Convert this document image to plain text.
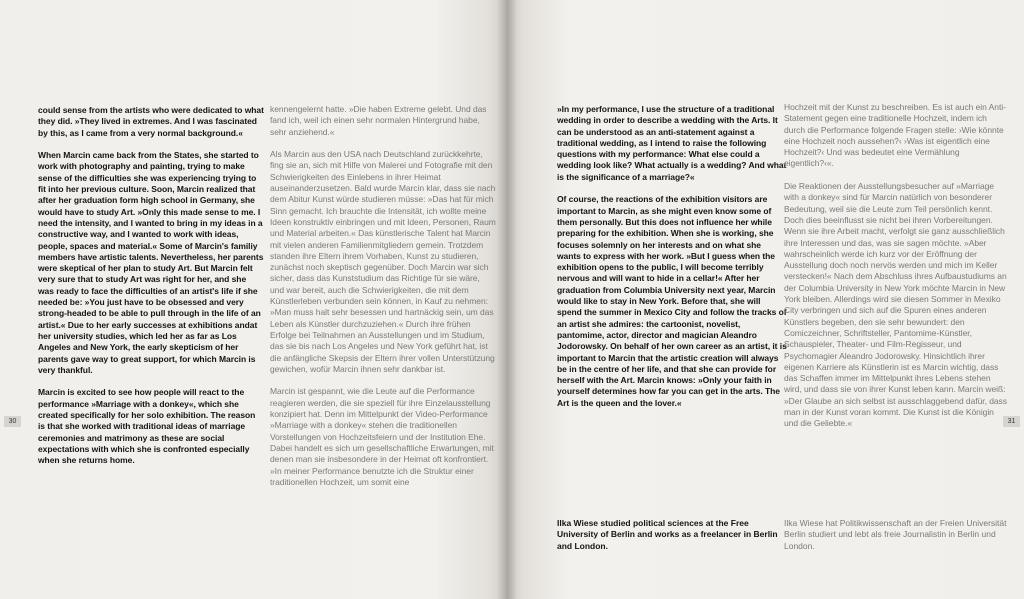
could sense from the artists who were dedicated to what they did. »They lived in extremes. And I was fascinated by this, as I came from a very normal background.«

When Marcin came back from the States, she started to work with photography and painting, trying to make sense of the difficulties she was experiencing trying to fit into her previous culture. Soon, Marcin realized that after her graduation form high school in Germany, she would have to study Art. »Only this made sense to me. I need the intensity, and I wanted to bring in my ideas in a constructive way, and I wanted to work with ideas, people, spaces and material.« Some of Marcin's familiy members have artistic talents. Nevertheless, her parents were skeptical of her plan to study Art. But Marcin felt very sure that to study Art was right for her, and she was ready to face the difficulties of an artist's life if she needed be: »You just have to be obsessed and very strong-headed to be able to pull through in the life of an artist.« Due to her early successes at exhibitions andat her university studies, which led her as far as Los Angeles and New York, the early skepticism of her parents gave way to great support, for which Marcin is very thankful.

Marcin is excited to see how people will react to the performance »Marriage with a donkey«, which she created specifically for her solo exhibition. The reason is that she worked with traditional ideas of marriage ceremonies and matrimony as these are social expectations with which she is confronted especially when she returns home.

kennengelernt hatte. »Die haben Extreme gelebt. Und das fand ich, weil ich einen sehr normalen Hintergrund habe, sehr anziehend.«

Als Marcin aus den USA nach Deutschland zurückkehrte, fing sie an, sich mit Hilfe von Malerei und Fotografie mit den Schwierigkeiten des Einlebens in ihrer Heimat auseinanderzusetzen. Bald wurde Marcin klar, dass sie nach dem Abitur Kunst würde studieren müsse: »Das hat für mich Sinn gemacht. Ich brauchte die Intensität, ich wollte meine Ideen konstruktiv einbringen und mit Ideen, Personen, Raum und Material arbeiten.« Das künstlerische Talent hat Marcin mit vielen anderen Familienmitgliedern gemein. Trotzdem standen ihre Eltern ihrem Vorhaben, Kunst zu studieren, zunächst noch skeptisch gegenüber. Doch Marcin war sich sicher, dass das Kunststudium das Richtige für sie wäre, und war bereit, auch die Schwierigkeiten, die mit dem Künstlerleben verbunden sein können, in Kauf zu nehmen: »Man muss halt sehr besessen und hartnäckig sein, um das Leben als Künstler durchzuziehen.« Durch ihre frühen Erfolge bei Teilnahmen an Ausstellungen und im Studium, das sie bis nach Los Angeles und New York geführt hat, ist die anfängliche Skepsis der Eltern ihrer vollen Unterstützung gewichen, wofür Marcin ihnen sehr dankbar ist.

Marcin ist gespannt, wie die Leute auf die Performance reagieren werden, die sie speziell für ihre Einzelausstellung konzipiert hat. Denn im Mittelpunkt der Video-Performance »Marriage with a donkey« stehen die traditionellen Vorstellungen von Hochzeitsfeiern und der Institution Ehe. Dabei handelt es sich um gesellschaftliche Erwartungen, mit denen man sie insbesondere in der Heimat oft konfrontiert. »In meiner Performance benutzte ich die Struktur einer traditionellen Hochzeit, um somit eine

30

»In my performance, I use the structure of a traditional wedding in order to describe a wedding with the Arts. It can be understood as an anti-statement against a traditional wedding, as I intend to raise the following questions with my performance: What else could a wedding look like? What actually is a wedding? And what is the significance of a marriage?«

Of course, the reactions of the exhibition visitors are important to Marcin, as she might even know some of them personally. But this does not influence her while preparing for the exhibition. When she is working, she focuses solemnly on her interests and on what she wants to express with her work. »But I guess when the exhibition opens to the public, I will become terribly nervous and will want to hide in a cellar!« After her graduation from Columbia University next year, Marcin would like to stay in New York. Before that, she will spend the summer in Mexico City and follow the tracks of an artist she admires: the cartoonist, novelist, pantomime, actor, director and magician Aleandro Jodorowsky. On behalf of her own career as an artist, it is important to Marcin that the artistic creation will always be in the centre of her life, and that she can provide for herself with the Art. Marcin knows: »Only your faith in yourself determines how far you can get in the arts. The Art is the queen and the lover.«

Hochzeit mit der Kunst zu beschreiben. Es ist auch ein Anti-Statement gegen eine traditionelle Hochzeit, indem ich durch die Performance folgende Fragen stelle: ›Wie könnte eine Hochzeit noch aussehen?‹ ›Was ist eigentlich eine Hochzeit?‹ Und was bedeutet eine Vermählung eigentlich?‹«.

Die Reaktionen der Ausstellungsbesucher auf »Marriage with a donkey« sind für Marcin natürlich von besonderer Bedeutung, weil sie die Leute zum Teil persönlich kennt. Doch dies beeinflusst sie nicht bei ihren Vorbereitungen. Wenn sie ihre Arbeit macht, verfolgt sie ganz ausschließlich ihre Interessen und das, was sie sagen möchte. »Aber wahrscheinlich werde ich kurz vor der Eröffnung der Ausstellung doch noch nervös werden und mich im Keller verstecken!« Nach dem Abschluss ihres Aufbaustudiums an der Columbia University in New York möchte Marcin in New York bleiben. Allerdings wird sie diesen Sommer in Mexiko City verbringen und sich auf die Spuren eines anderen Künstlers begeben, den sie sehr bewundert: den Comiczeichner, Schriftsteller, Pantomime-Künstler, Schauspieler, Theater- und Film-Regisseur, und Psychomagier Aleandro Jodorowsky. Hinsichtlich ihrer eigenen Karriere als Künstlerin ist es Marcin wichtig, dass das Schaffen immer im Mittelpunkt ihres Lebens stehen wird, und dass sie von ihrer Kunst leben kann. Marcin weiß: »Der Glaube an sich selbst ist ausschlaggebend dafür, dass man in der Kunst voran kommt. Die Kunst ist die Königin und die Geliebte.«

Ilka Wiese studied political sciences at the Free University of Berlin and works as a freelancer in Berlin and London.
Ilka Wiese hat Politikwissenschaft an der Freien Universität Berlin studiert und lebt als freie Journalistin in Berlin und London.
31
